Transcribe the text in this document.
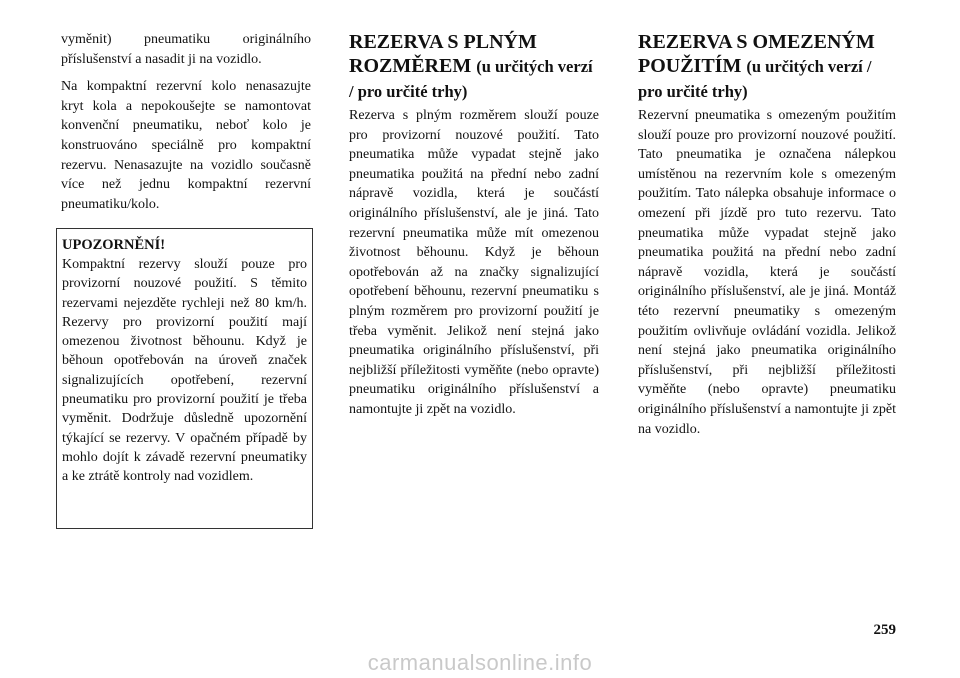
vyměnit) pneumatiku originálního příslušenství a nasadit ji na vozidlo.

Na kompaktní rezervní kolo nenasazujte kryt kola a nepokoušejte se namontovat konvenční pneumatiku, neboť kolo je konstruováno speciálně pro kompaktní rezervu. Nenasazujte na vozidlo současně více než jednu kompaktní rezervní pneumatiku/kolo.

UPOZORNĚNÍ!

Kompaktní rezervy slouží pouze pro provizorní nouzové použití. S těmito rezervami nejezděte rychleji než 80 km/h. Rezervy pro provizorní použití mají omezenou životnost běhounu. Když je běhoun opotřebován na úroveň značek signalizujících opotřebení, rezervní pneumatiku pro provizorní použití je třeba vyměnit. Dodržuje důsledně upozornění týkající se rezervy. V opačném případě by mohlo dojít k závadě rezervní pneumatiky a ke ztrátě kontroly nad vozidlem.

REZERVA S PLNÝM ROZMĚREM (u určitých verzí / pro určité trhy)

Rezerva s plným rozměrem slouží pouze pro provizorní nouzové použití. Tato pneumatika může vypadat stejně jako pneumatika použitá na přední nebo zadní nápravě vozidla, která je součástí originálního příslušenství, ale je jiná. Tato rezervní pneumatika může mít omezenou životnost běhounu. Když je běhoun opotřebován až na značky signalizující opotřebení běhounu, rezervní pneumatiku s plným rozměrem pro provizorní použití je třeba vyměnit. Jelikož není stejná jako pneumatika originálního příslušenství, při nejbližší příležitosti vyměňte (nebo opravte) pneumatiku originálního příslušenství a namontujte ji zpět na vozidlo.

REZERVA S OMEZENÝM POUŽITÍM (u určitých verzí / pro určité trhy)

Rezervní pneumatika s omezeným použitím slouží pouze pro provizorní nouzové použití. Tato pneumatika je označena nálepkou umístěnou na rezervním kole s omezeným použitím. Tato nálepka obsahuje informace o omezení při jízdě pro tuto rezervu. Tato pneumatika může vypadat stejně jako pneumatika použitá na přední nebo zadní nápravě vozidla, která je součástí originálního příslušenství, ale je jiná. Montáž této rezervní pneumatiky s omezeným použitím ovlivňuje ovládání vozidla. Jelikož není stejná jako pneumatika originálního příslušenství, při nejbližší příležitosti vyměňte (nebo opravte) pneumatiku originálního příslušenství a namontujte ji zpět na vozidlo.

259
carmanualsonline.info
